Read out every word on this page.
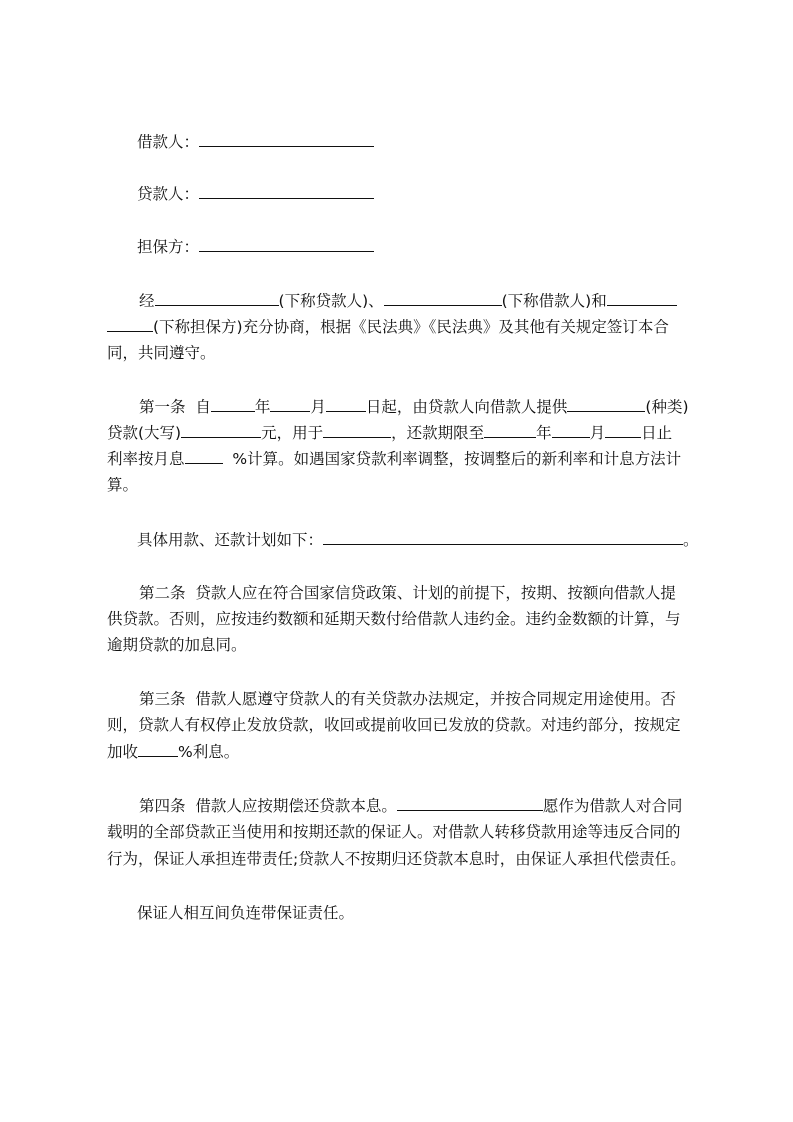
借款人：
贷款人：
担保方：
经	(下称贷款人)、	(下称借款人)和
(下称担保方)充分协商，根据《民法典》《民法典》及其他有关规定签订本合
同，共同遵守。
第一条  自	年	月	日起，由贷款人向借款人提供	(种类)
贷款(大写)	元，用于	，还款期限至	年 月 日止
利率按月息  %计算。如遇国家贷款利率调整，按调整后的新利率和计息方法计
算。
具体用款、还款计划如下：	。
第二条  贷款人应在符合国家信贷政策、计划的前提下，按期、按额向借款人提
供贷款。否则，应按违约数额和延期天数付给借款人违约金。违约金数额的计算，与
逾期贷款的加息同。
第三条  借款人愿遵守贷款人的有关贷款办法规定，并按合同规定用途使用。否
则，贷款人有权停止发放贷款，收回或提前收回已发放的贷款。对违约部分，按规定
加收	%利息。
第四条  借款人应按期偿还贷款本息。	愿作为借款人对合同
载明的全部贷款正当使用和按期还款的保证人。对借款人转移贷款用途等违反合同的
行为，保证人承担连带责任;贷款人不按期归还贷款本息时，由保证人承担代偿责任。
保证人相互间负连带保证责任。
